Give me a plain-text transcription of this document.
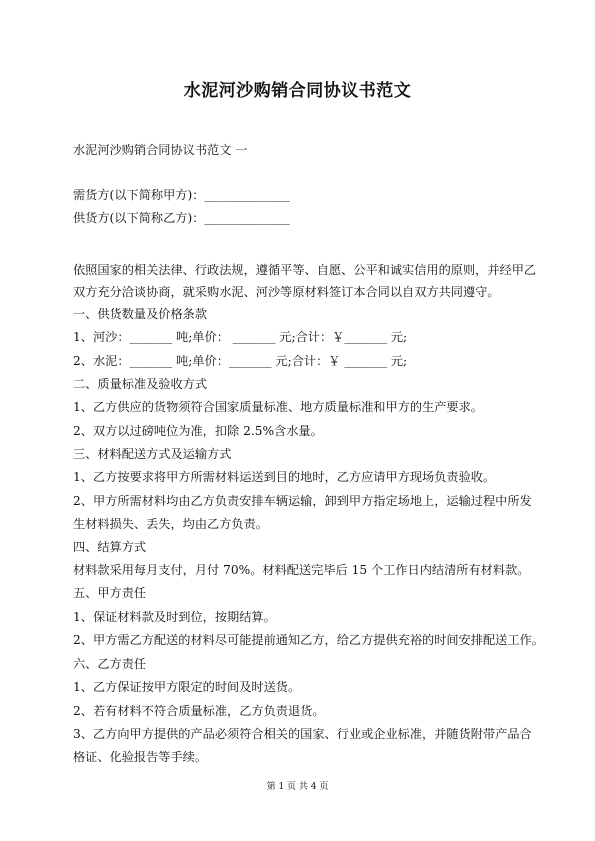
水泥河沙购销合同协议书范文
水泥河沙购销合同协议书范文 一
需货方(以下简称甲方)：______________
供货方(以下简称乙方)：______________
依照国家的相关法律、行政法规，遵循平等、自愿、公平和诚实信用的原则，并经甲乙
双方充分洽谈协商，就采购水泥、河沙等原材料签订本合同以自双方共同遵守。
一、供货数量及价格条款
1、河沙：_______ 吨;单价： _______ 元;合计：￥_______ 元;
2、水泥：_______ 吨;单价：_______ 元;合计：￥ _______ 元;
二、质量标准及验收方式
1、乙方供应的货物须符合国家质量标准、地方质量标准和甲方的生产要求。
2、双方以过磅吨位为准，扣除 2.5%含水量。
三、材料配送方式及运输方式
1、乙方按要求将甲方所需材料运送到目的地时，乙方应请甲方现场负责验收。
2、甲方所需材料均由乙方负责安排车辆运输，卸到甲方指定场地上，运输过程中所发
生材料损失、丢失，均由乙方负责。
四、结算方式
材料款采用每月支付，月付 70%。材料配送完毕后 15 个工作日内结清所有材料款。
五、甲方责任
1、保证材料款及时到位，按期结算。
2、甲方需乙方配送的材料尽可能提前通知乙方，给乙方提供充裕的时间安排配送工作。
六、乙方责任
1、乙方保证按甲方限定的时间及时送货。
2、若有材料不符合质量标准，乙方负责退货。
3、乙方向甲方提供的产品必须符合相关的国家、行业或企业标准，并随货附带产品合
格证、化验报告等手续。
第 1 页 共 4 页
